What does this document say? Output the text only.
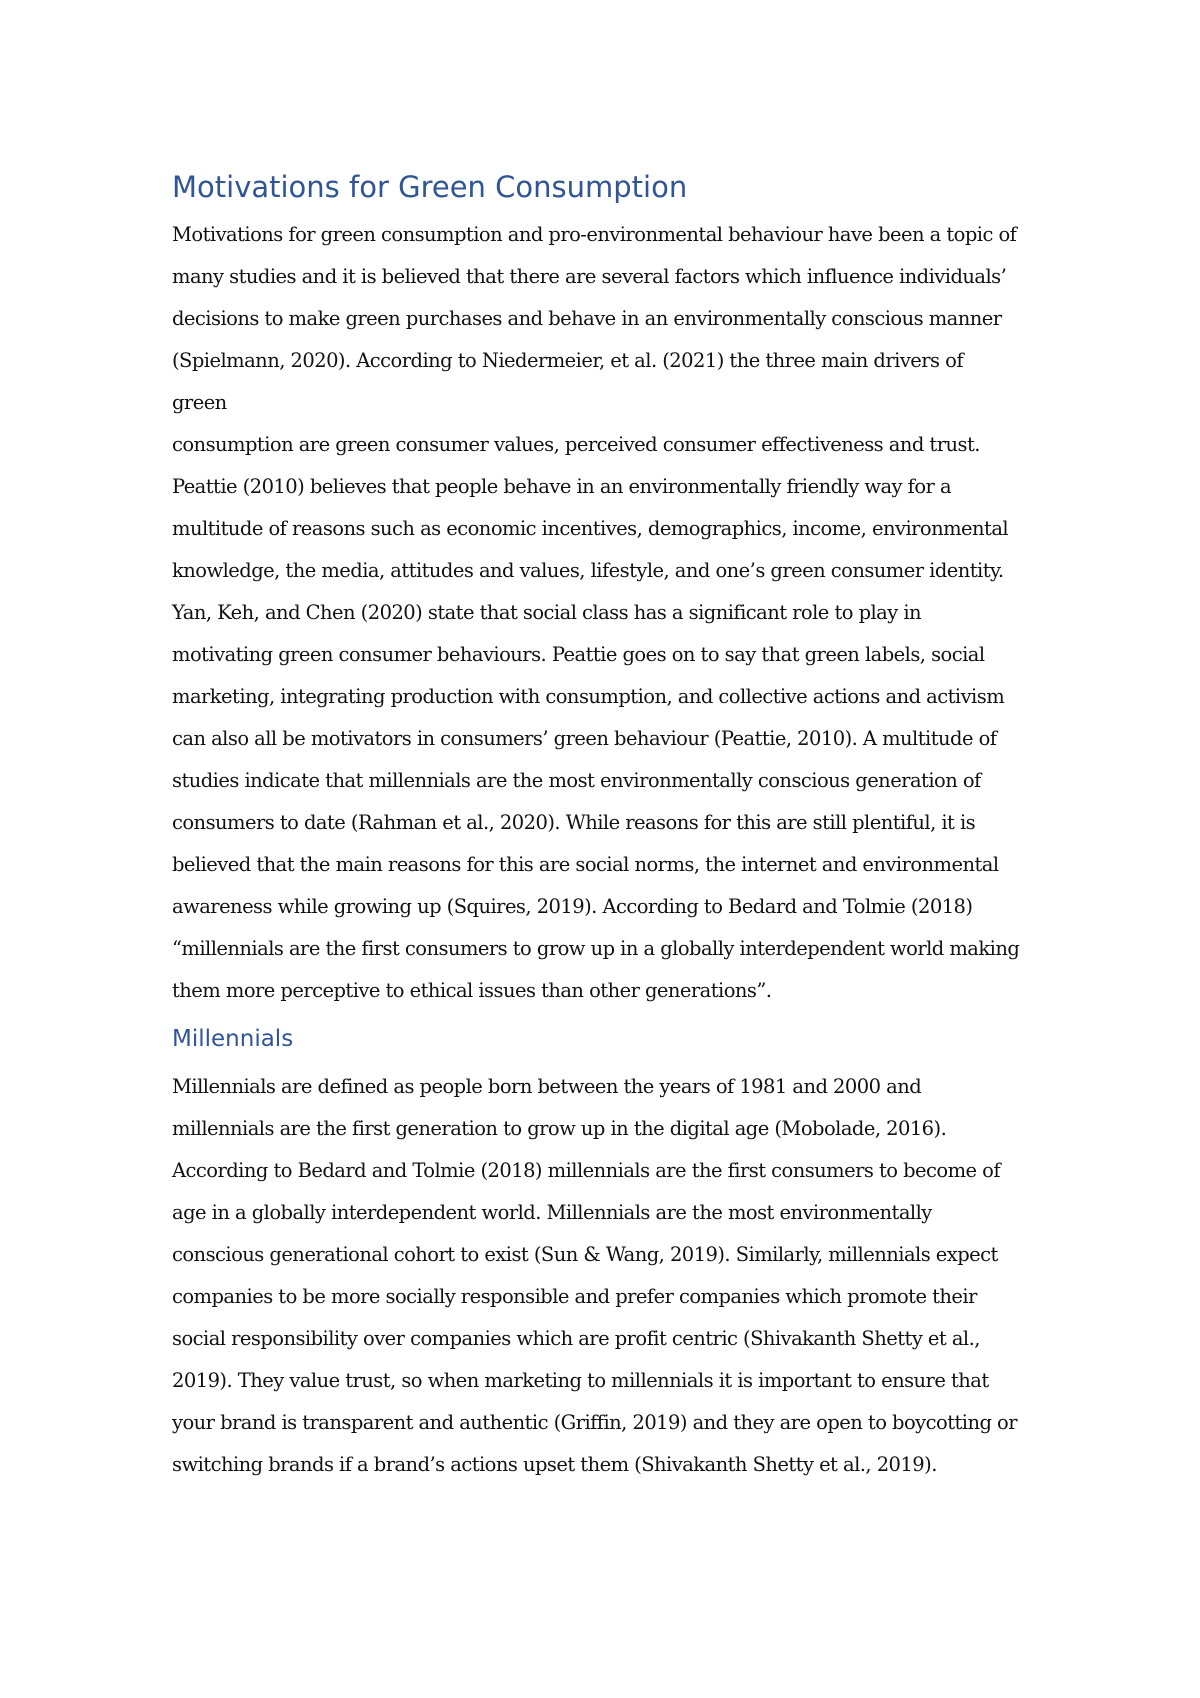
Motivations for Green Consumption

Motivations for green consumption and pro-environmental behaviour have been a topic of
many studies and it is believed that there are several factors which influence individuals’
decisions to make green purchases and behave in an environmentally conscious manner
(Spielmann, 2020). According to Niedermeier, et al. (2021) the three main drivers of
green
consumption are green consumer values, perceived consumer effectiveness and trust.
Peattie (2010) believes that people behave in an environmentally friendly way for a
multitude of reasons such as economic incentives, demographics, income, environmental
knowledge, the media, attitudes and values, lifestyle, and one’s green consumer identity.
Yan, Keh, and Chen (2020) state that social class has a significant role to play in
motivating green consumer behaviours. Peattie goes on to say that green labels, social
marketing, integrating production with consumption, and collective actions and activism
can also all be motivators in consumers’ green behaviour (Peattie, 2010). A multitude of
studies indicate that millennials are the most environmentally conscious generation of
consumers to date (Rahman et al., 2020). While reasons for this are still plentiful, it is
believed that the main reasons for this are social norms, the internet and environmental
awareness while growing up (Squires, 2019). According to Bedard and Tolmie (2018)
“millennials are the first consumers to grow up in a globally interdependent world making
them more perceptive to ethical issues than other generations”.

Millennials

Millennials are defined as people born between the years of 1981 and 2000 and
millennials are the first generation to grow up in the digital age (Mobolade, 2016).
According to Bedard and Tolmie (2018) millennials are the first consumers to become of
age in a globally interdependent world. Millennials are the most environmentally
conscious generational cohort to exist (Sun & Wang, 2019). Similarly, millennials expect
companies to be more socially responsible and prefer companies which promote their
social responsibility over companies which are profit centric (Shivakanth Shetty et al.,
2019). They value trust, so when marketing to millennials it is important to ensure that
your brand is transparent and authentic (Griffin, 2019) and they are open to boycotting or
switching brands if a brand’s actions upset them (Shivakanth Shetty et al., 2019).
